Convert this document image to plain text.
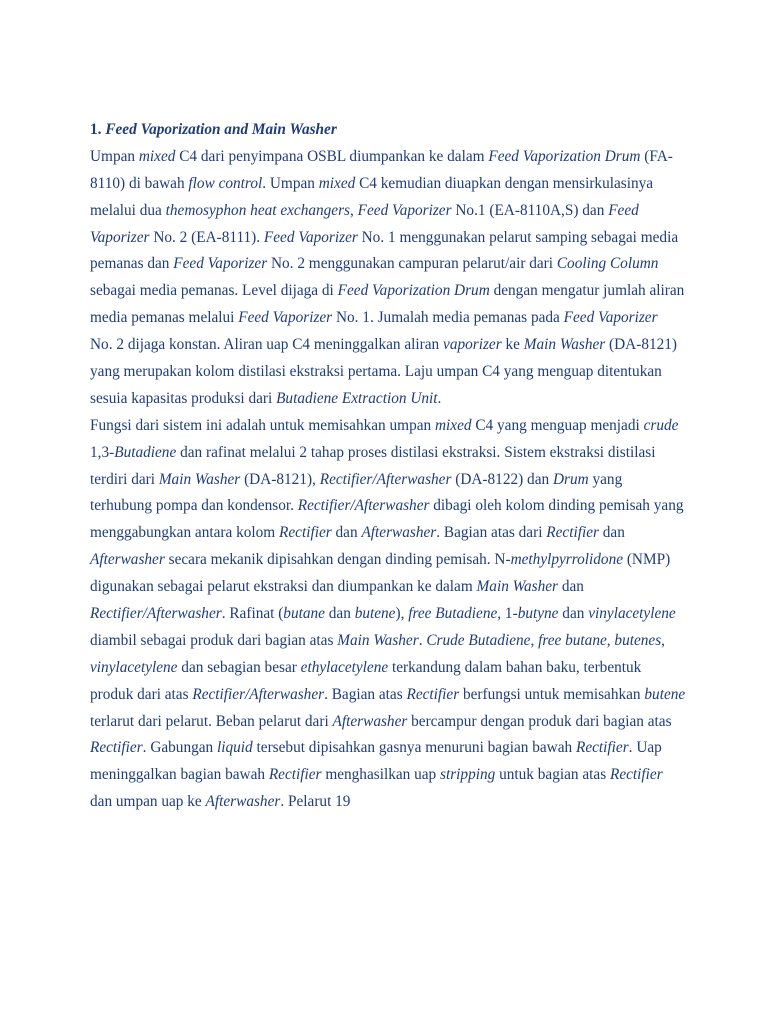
1. Feed Vaporization and Main Washer
Umpan mixed C4 dari penyimpana OSBL diumpankan ke dalam Feed Vaporization Drum (FA-
8110) di bawah flow control. Umpan mixed C4 kemudian diuapkan dengan mensirkulasinya
melalui dua themosyphon heat exchangers, Feed Vaporizer No.1 (EA-8110A,S) dan Feed
Vaporizer No. 2 (EA-8111). Feed Vaporizer No. 1 menggunakan pelarut samping sebagai media
pemanas dan Feed Vaporizer No. 2 menggunakan campuran pelarut/air dari Cooling Column
sebagai media pemanas. Level dijaga di Feed Vaporization Drum dengan mengatur jumlah aliran
media pemanas melalui Feed Vaporizer No. 1. Jumalah media pemanas pada Feed Vaporizer
No. 2 dijaga konstan. Aliran uap C4 meninggalkan aliran vaporizer ke Main Washer (DA-8121)
yang merupakan kolom distilasi ekstraksi pertama. Laju umpan C4 yang menguap ditentukan
sesuia kapasitas produksi dari Butadiene Extraction Unit.
Fungsi dari sistem ini adalah untuk memisahkan umpan mixed C4 yang menguap menjadi crude
1,3-Butadiene dan rafinat melalui 2 tahap proses distilasi ekstraksi. Sistem ekstraksi distilasi
terdiri dari Main Washer (DA-8121), Rectifier/Afterwasher (DA-8122) dan Drum yang
terhubung pompa dan kondensor. Rectifier/Afterwasher dibagi oleh kolom dinding pemisah yang
menggabungkan antara kolom Rectifier dan Afterwasher. Bagian atas dari Rectifier dan
Afterwasher secara mekanik dipisahkan dengan dinding pemisah. N-methylpyrrolidone (NMP)
digunakan sebagai pelarut ekstraksi dan diumpankan ke dalam Main Washer dan
Rectifier/Afterwasher. Rafinat (butane dan butene), free Butadiene, 1-butyne dan vinylacetylene
diambil sebagai produk dari bagian atas Main Washer. Crude Butadiene, free butane, butenes,
vinylacetylene dan sebagian besar ethylacetylene terkandung dalam bahan baku, terbentuk
produk dari atas Rectifier/Afterwasher. Bagian atas Rectifier berfungsi untuk memisahkan butene
terlarut dari pelarut. Beban pelarut dari Afterwasher bercampur dengan produk dari bagian atas
Rectifier. Gabungan liquid tersebut dipisahkan gasnya menuruni bagian bawah Rectifier. Uap
meninggalkan bagian bawah Rectifier menghasilkan uap stripping untuk bagian atas Rectifier
dan umpan uap ke Afterwasher. Pelarut 19
